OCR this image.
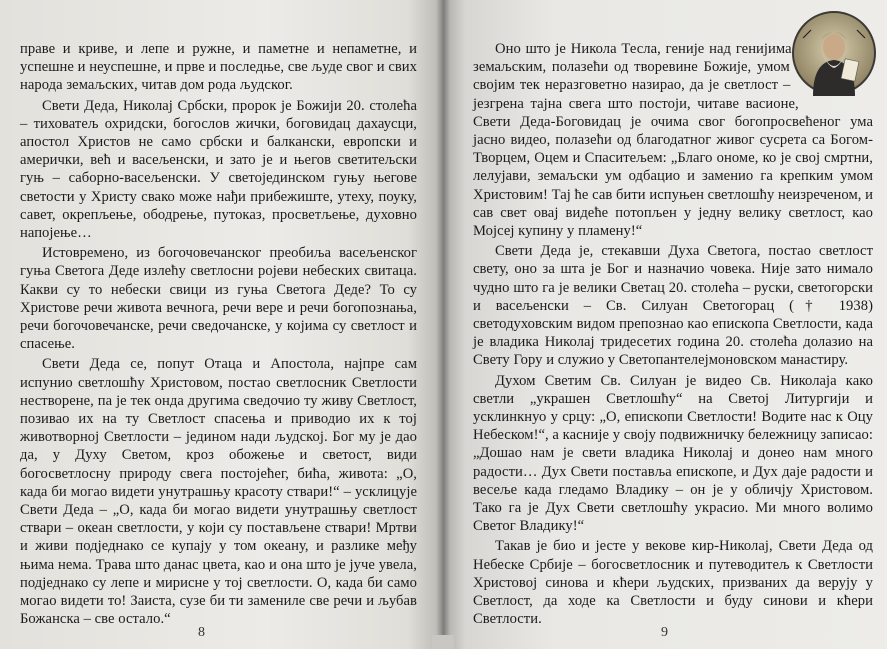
праве и криве, и лепе и ружне, и паметне и непаметне, и успешне и неуспешне, и прве и последње, све људе свог и свих народа земаљских, читав дом рода људског.

Свети Деда, Николај Србски, пророк је Божији 20. столећа – тиховатељ охридски, богослов жички, боговидац дахаусци, апостол Христов не само србски и балкански, европски и амерички, већ и васељенски, и зато је и његов светитељски гуњ – саборно-васељенски. У светојединском гуњу његове светости у Христу свако може нађи прибежиште, утеху, поуку, савет, окрепљење, ободрење, путоказ, просветљење, духовно напојење…

Истовремено, из богочовечанског преобиља васељенског гуња Светога Деде излећу светлосни ројеви небеских свитаца. Какви су то небески свици из гуња Светога Деде? То су Христове речи живота вечнога, речи вере и речи богопознања, речи богочовечанске, речи сведочанске, у којима су светлост и спасење.

Свети Деда се, попут Отаца и Апостола, најпре сам испунио светлошћу Христовом, постао светлосник Светлости нестворене, па је тек онда другима сведочио ту живу Светлост, позивао их на ту Светлост спасења и приводио их к тој животворној Светлости – једином нади људској. Бог му је дао да, у Духу Светом, кроз обожење и светост, види богосветлосну природу свега постојећег, бића, живота: „О, када би могао видети унутрашњу красоту ствари!“ – усклицује Свети Деда – „О, када би могао видети унутрашњу светлост ствари – океан светлости, у који су постављене ствари! Мртви и живи подједнако се купају у том океану, и разлике међу њима нема. Трава што данас цвета, као и она што је јуче увела, подједнако су лепе и мирисне у тој светлости. О, када би само могао видети то! Заиста, сузе би ти замениле све речи и љубав Божанска – све остало.“

8

Оно што је Никола Тесла, геније над генијима земаљским, полазећи од творевине Божије, умом својим тек неразговетно назирао, да је светлост – језгрена тајна свега што постоји, читаве васионе, Свети Деда-Боговидац је очима свог богопросвећеног ума јасно видео, полазећи од благодатног живог сусрета са Богом-Творцем, Оцем и Спаситељем: „Благо ономе, ко је свој смртни, лелујави, земаљски ум одбацио и заменио га крепким умом Христовим! Тај ће сав бити испуњен светлошћу неизреченом, и сав свет овај видеће потопљен у једну велику светлост, као Мојсеј купину у пламену!“

Свети Деда је, стекавши Духа Светога, постао светлост свету, оно за шта је Бог и назначио човека. Није зато нимало чудно што га је велики Светац 20. столећа – руски, светогорски и васељенски – Св. Силуан Светогорац († 1938) светодуховским видом препознао као епископа Светлости, када је владика Николај тридесетих година 20. столећа долазио на Свету Гору и служио у Светопантелејмоновском манастиру.

Духом Светим Св. Силуан је видео Св. Николаја како светли „украшен Светлошћу“ на Светој Литургији и усклинкнуо у срцу: „О, епископи Светлости! Водите нас к Оцу Небеском!“, а касније у своју подвижничку бележницу записао: „Дошао нам је свети владика Николај и донео нам много радости… Дух Свети поставља епископе, и Дух даје радости и весеље када гледамо Владику – он је у обличју Христовом. Тако га је Дух Свети светлошћу украсио. Ми много волимо Светог Владику!“

Такав је био и јесте у векове кир-Николај, Свети Деда од Небеске Србије – богосветлосник и путеводитељ к Светлости Христовој синова и кћери људских, призваних да верују у Светлост, да ходе ка Светлости и буду синови и кћери Светлости.

9
